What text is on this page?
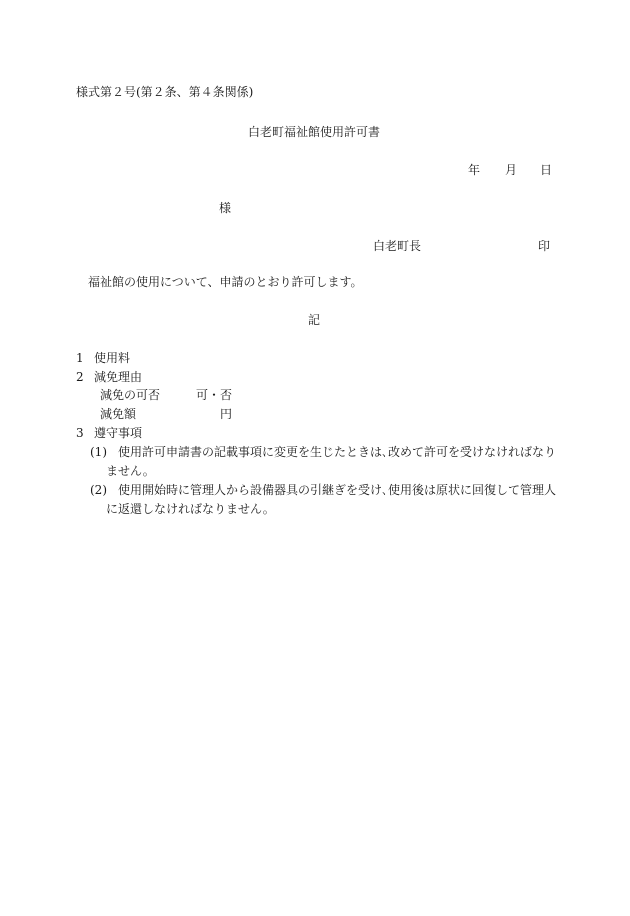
様式第２号(第２条、第４条関係)
白老町福祉館使用許可書
年 月 日
様
白老町長	印
福祉館の使用について、申請のとおり許可します。
記
1 使用料
2 減免理由
減免の可否	可・否
減免額	円
3 遵守事項
(1) 使用許可申請書の記載事項に変更を生じたときは､改めて許可を受けなければなり
ません。
(2) 使用開始時に管理人から設備器具の引継ぎを受け､使用後は原状に回復して管理人
に返還しなければなりません。
